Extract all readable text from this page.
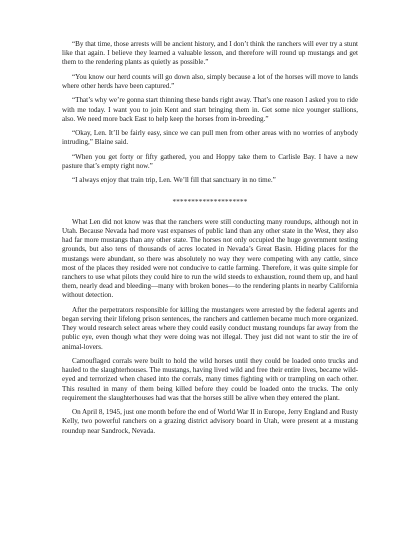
“By that time, those arrests will be ancient history, and I don’t think the ranchers will ever try a stunt like that again. I believe they learned a valuable lesson, and therefore will round up mustangs and get them to the rendering plants as quietly as possible.”

“You know our herd counts will go down also, simply because a lot of the horses will move to lands where other herds have been captured.”

“That’s why we’re gonna start thinning these bands right away. That’s one reason I asked you to ride with me today. I want you to join Kent and start bringing them in. Get some nice younger stallions, also. We need more back East to help keep the horses from in-breeding.”

“Okay, Len. It’ll be fairly easy, since we can pull men from other areas with no worries of anybody intruding,” Blaine said.

“When you get forty or fifty gathered, you and Hoppy take them to Carlisle Bay. I have a new pasture that’s empty right now.”

“I always enjoy that train trip, Len. We’ll fill that sanctuary in no time.”

********************

What Len did not know was that the ranchers were still conducting many roundups, although not in Utah. Because Nevada had more vast expanses of public land than any other state in the West, they also had far more mustangs than any other state. The horses not only occupied the huge government testing grounds, but also tens of thousands of acres located in Nevada’s Great Basin. Hiding places for the mustangs were abundant, so there was absolutely no way they were competing with any cattle, since most of the places they resided were not conducive to cattle farming. Therefore, it was quite simple for ranchers to use what pilots they could hire to run the wild steeds to exhaustion, round them up, and haul them, nearly dead and bleeding—many with broken bones—to the rendering plants in nearby California without detection.

After the perpetrators responsible for killing the mustangers were arrested by the federal agents and began serving their lifelong prison sentences, the ranchers and cattlemen became much more organized. They would research select areas where they could easily conduct mustang roundups far away from the public eye, even though what they were doing was not illegal. They just did not want to stir the ire of animal-lovers.

Camouflaged corrals were built to hold the wild horses until they could be loaded onto trucks and hauled to the slaughterhouses. The mustangs, having lived wild and free their entire lives, became wild-eyed and terrorized when chased into the corrals, many times fighting with or trampling on each other. This resulted in many of them being killed before they could be loaded onto the trucks. The only requirement the slaughterhouses had was that the horses still be alive when they entered the plant.

On April 8, 1945, just one month before the end of World War II in Europe, Jerry England and Rusty Kelly, two powerful ranchers on a grazing district advisory board in Utah, were present at a mustang roundup near Sandrock, Nevada.
